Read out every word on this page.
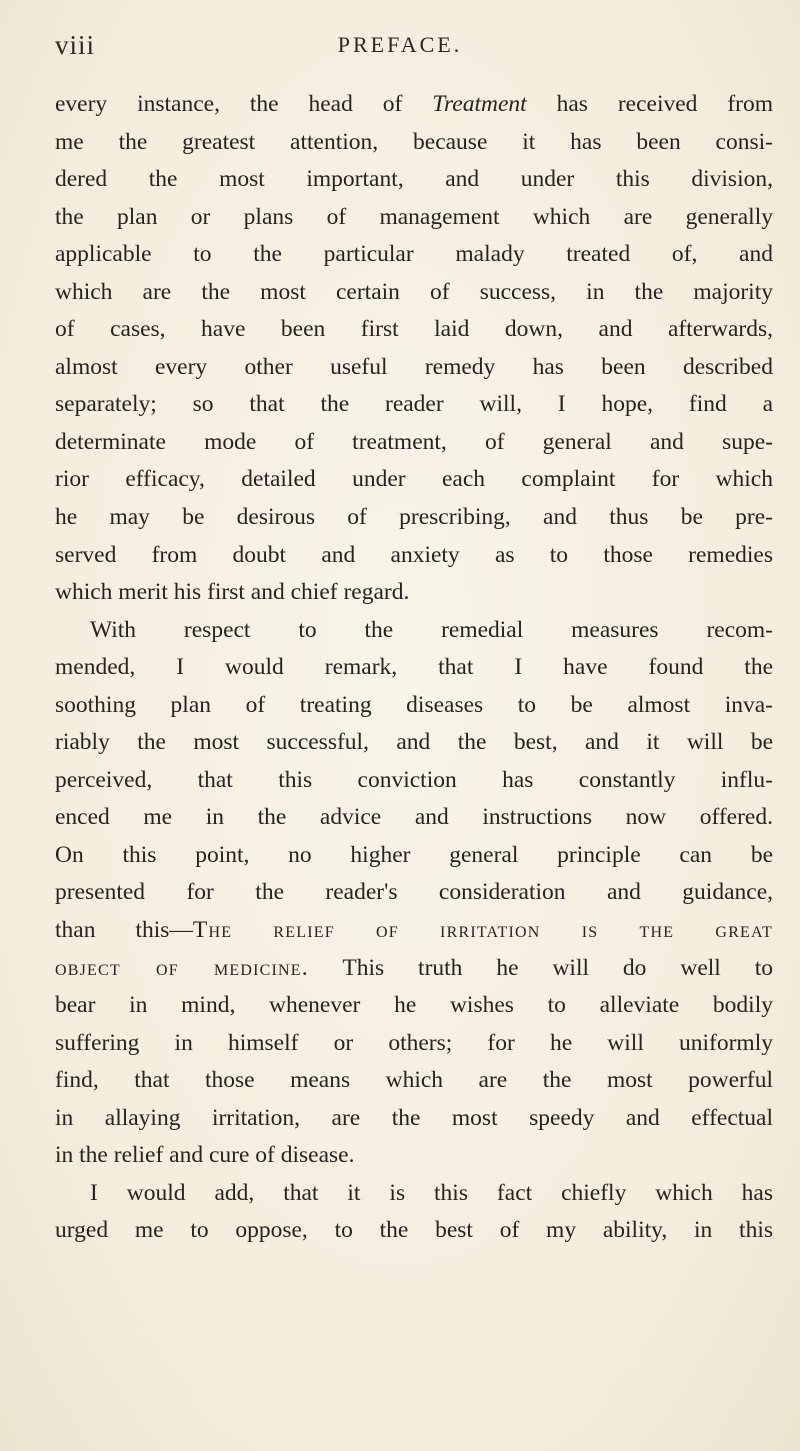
viii	PREFACE.
every instance, the head of Treatment has received from
me the greatest attention, because it has been consi-
dered the most important, and under this division,
the plan or plans of management which are generally
applicable to the particular malady treated of, and
which are the most certain of success, in the majority
of cases, have been first laid down, and afterwards,
almost every other useful remedy has been described
separately; so that the reader will, I hope, find a
determinate mode of treatment, of general and supe-
rior efficacy, detailed under each complaint for which
he may be desirous of prescribing, and thus be pre-
served from doubt and anxiety as to those remedies
which merit his first and chief regard.
With respect to the remedial measures recom-
mended, I would remark, that I have found the
soothing plan of treating diseases to be almost inva-
riably the most successful, and the best, and it will be
perceived, that this conviction has constantly influ-
enced me in the advice and instructions now offered.
On this point, no higher general principle can be
presented for the reader's consideration and guidance,
than this—The relief of irritation is the great
object of medicine. This truth he will do well to
bear in mind, whenever he wishes to alleviate bodily
suffering in himself or others; for he will uniformly
find, that those means which are the most powerful
in allaying irritation, are the most speedy and effectual
in the relief and cure of disease.
I would add, that it is this fact chiefly which has
urged me to oppose, to the best of my ability, in this
